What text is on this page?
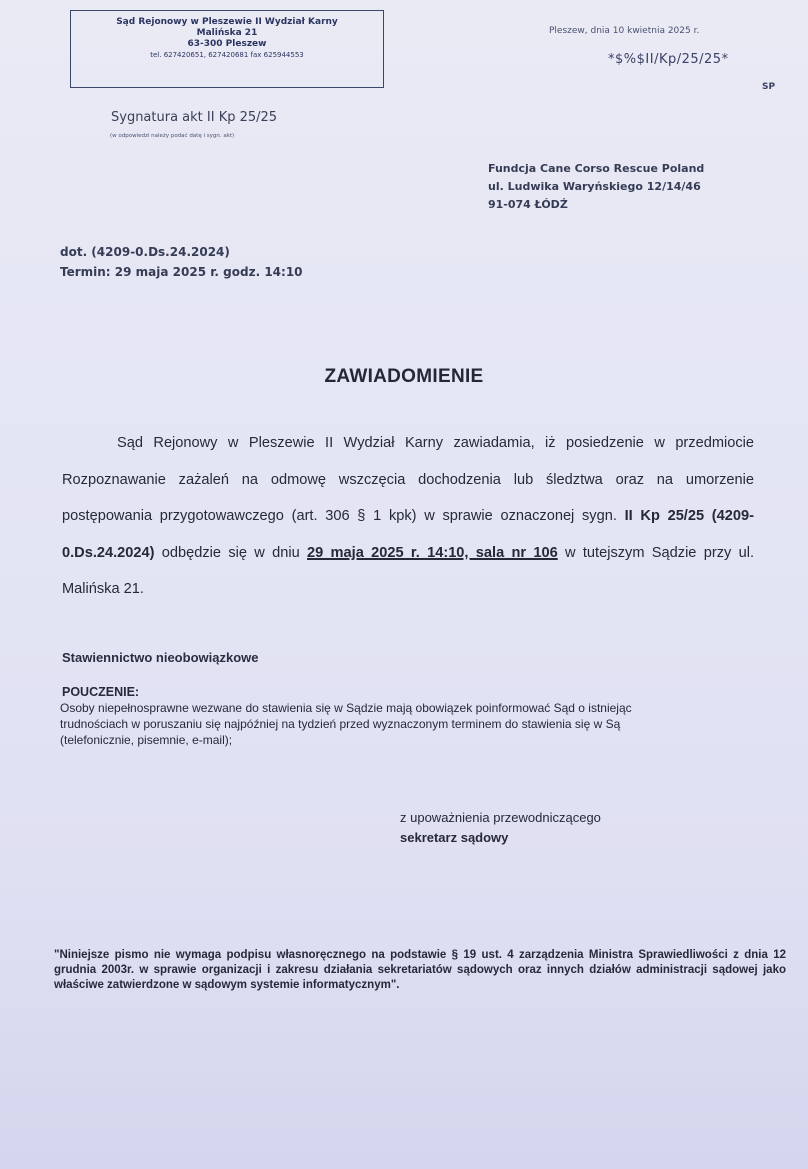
Sąd Rejonowy w Pleszewie II Wydział Karny
Malińska 21
63-300 Pleszew
tel. 627420651, 627420681 fax 625944553
Pleszew, dnia 10 kwietnia 2025 r.
*$%$II/Kp/25/25*
SP
Sygnatura akt II Kp 25/25
(w odpowiedzi należy podać datę i sygn. akt)
Fundcja Cane Corso Rescue Poland
ul. Ludwika Waryńskiego 12/14/46
91-074 ŁÓDŹ
dot. (4209-0.Ds.24.2024)
Termin: 29 maja 2025 r. godz. 14:10
ZAWIADOMIENIE

Sąd Rejonowy w Pleszewie II Wydział Karny zawiadamia, iż posiedzenie w przedmiocie Rozpoznawanie zażaleń na odmowę wszczęcia dochodzenia lub śledztwa oraz na umorzenie postępowania przygotowawczego (art. 306 § 1 kpk) w sprawie oznaczonej sygn. II Kp 25/25 (4209-0.Ds.24.2024) odbędzie się w dniu 29 maja 2025 r. 14:10, sala nr 106 w tutejszym Sądzie przy ul. Malińska 21.

Stawiennictwo nieobowiązkowe
POUCZENIE:
Osoby niepełnosprawne wezwane do stawienia się w Sądzie mają obowiązek poinformować Sąd o istniejąc
trudnościach w poruszaniu się najpóźniej na tydzień przed wyznaczonym terminem do stawienia się w Są
(telefonicznie, pisemnie, e-mail);
z upoważnienia przewodniczącego
sekretarz sądowy

"Niniejsze pismo nie wymaga podpisu własnoręcznego na podstawie § 19 ust. 4 zarządzenia Ministra Sprawiedliwości z dnia 12 grudnia 2003r. w sprawie organizacji i zakresu działania sekretariatów sądowych oraz innych działów administracji sądowej jako właściwe zatwierdzone w sądowym systemie informatycznym".
